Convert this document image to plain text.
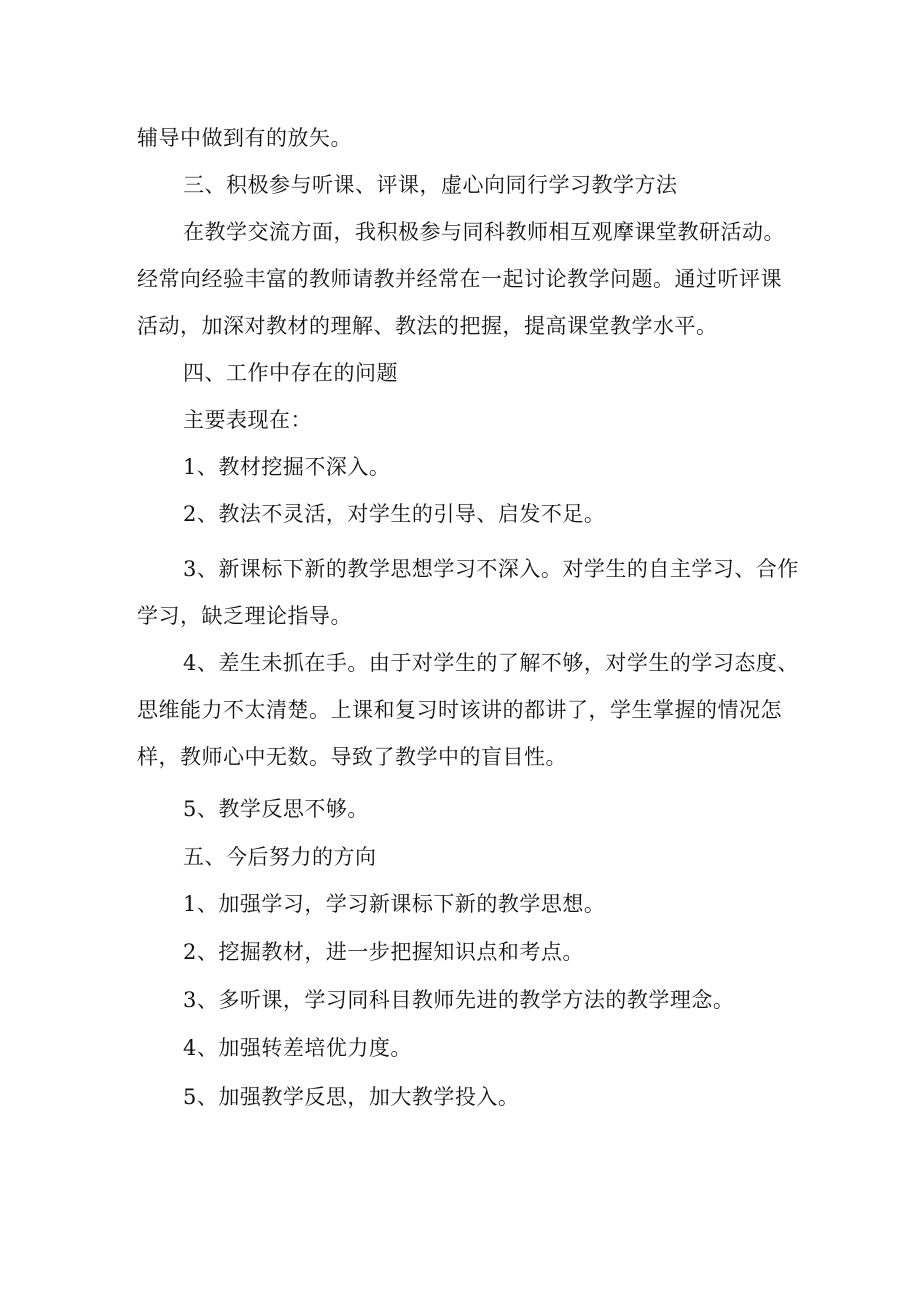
辅导中做到有的放矢。
三、积极参与听课、评课，虚心向同行学习教学方法
在教学交流方面，我积极参与同科教师相互观摩课堂教研活动。
经常向经验丰富的教师请教并经常在一起讨论教学问题。通过听评课
活动，加深对教材的理解、教法的把握，提高课堂教学水平。
四、工作中存在的问题
主要表现在：
1、教材挖掘不深入。
2、教法不灵活，对学生的引导、启发不足。
3、新课标下新的教学思想学习不深入。对学生的自主学习、合作
学习，缺乏理论指导。
4、差生未抓在手。由于对学生的了解不够，对学生的学习态度、
思维能力不太清楚。上课和复习时该讲的都讲了，学生掌握的情况怎
样，教师心中无数。导致了教学中的盲目性。
5、教学反思不够。
五、今后努力的方向
1、加强学习，学习新课标下新的教学思想。
2、挖掘教材，进一步把握知识点和考点。
3、多听课，学习同科目教师先进的教学方法的教学理念。
4、加强转差培优力度。
5、加强教学反思，加大教学投入。
